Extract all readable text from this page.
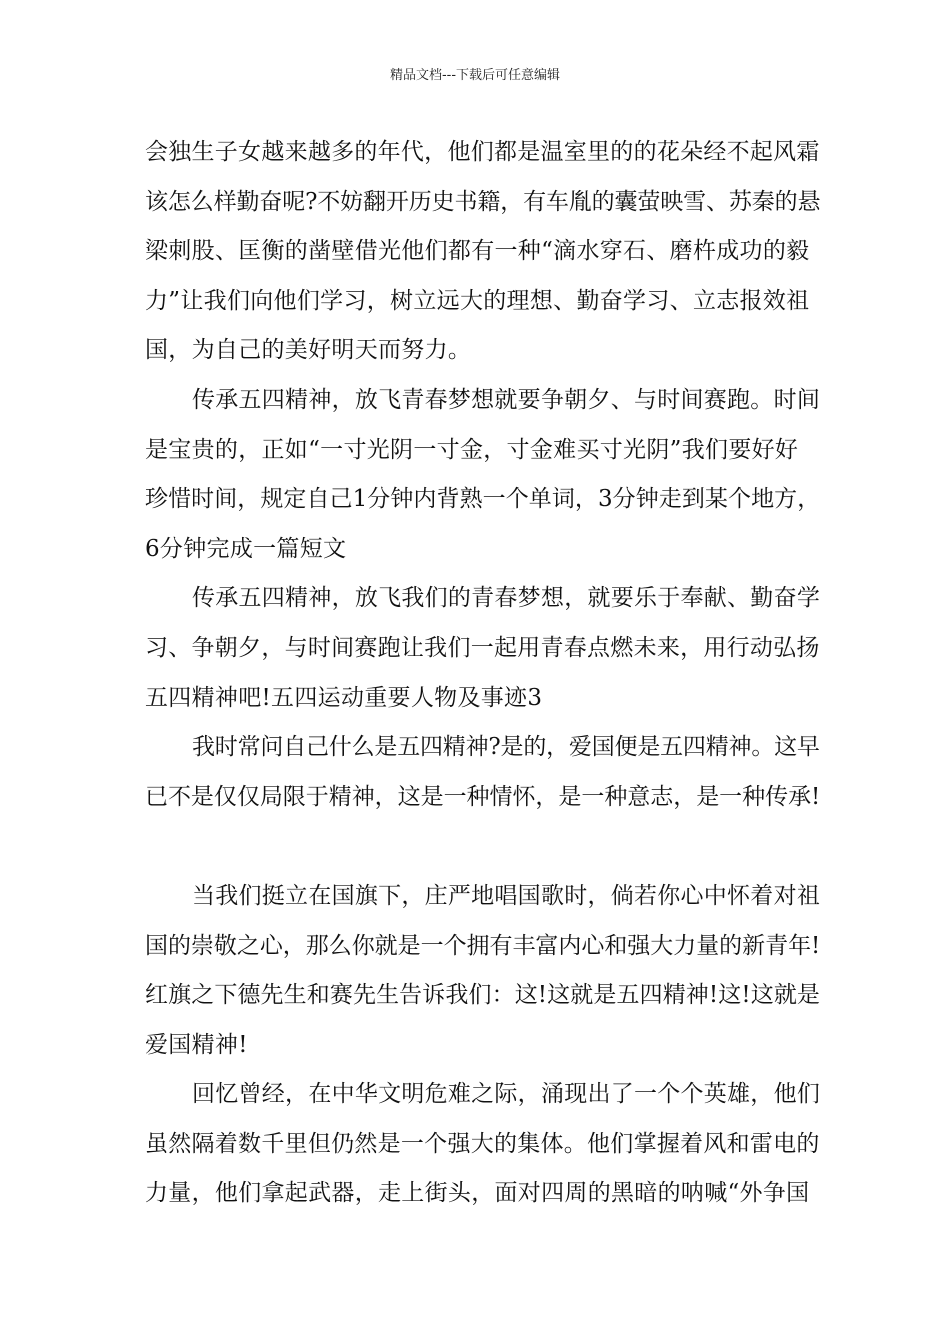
精品文档---下载后可任意编辑
会独生子女越来越多的年代，他们都是温室里的的花朵经不起风霜
该怎么样勤奋呢?不妨翻开历史书籍，有车胤的囊萤映雪、苏秦的悬
梁刺股、匡衡的凿壁借光他们都有一种“滴水穿石、磨杵成功的毅
力”让我们向他们学习，树立远大的理想、勤奋学习、立志报效祖
国，为自己的美好明天而努力。
传承五四精神，放飞青春梦想就要争朝夕、与时间赛跑。时间
是宝贵的，正如“一寸光阴一寸金，寸金难买寸光阴”我们要好好
珍惜时间，规定自己1分钟内背熟一个单词，3分钟走到某个地方，
6分钟完成一篇短文
传承五四精神，放飞我们的青春梦想，就要乐于奉献、勤奋学
习、争朝夕，与时间赛跑让我们一起用青春点燃未来，用行动弘扬
五四精神吧!五四运动重要人物及事迹3
我时常问自己什么是五四精神?是的，爱国便是五四精神。这早
已不是仅仅局限于精神，这是一种情怀，是一种意志，是一种传承!
当我们挺立在国旗下，庄严地唱国歌时，倘若你心中怀着对祖
国的崇敬之心，那么你就是一个拥有丰富内心和强大力量的新青年!
红旗之下德先生和赛先生告诉我们：这!这就是五四精神!这!这就是
爱国精神!
回忆曾经，在中华文明危难之际，涌现出了一个个英雄，他们
虽然隔着数千里但仍然是一个强大的集体。他们掌握着风和雷电的
力量，他们拿起武器，走上街头，面对四周的黑暗的呐喊“外争国
